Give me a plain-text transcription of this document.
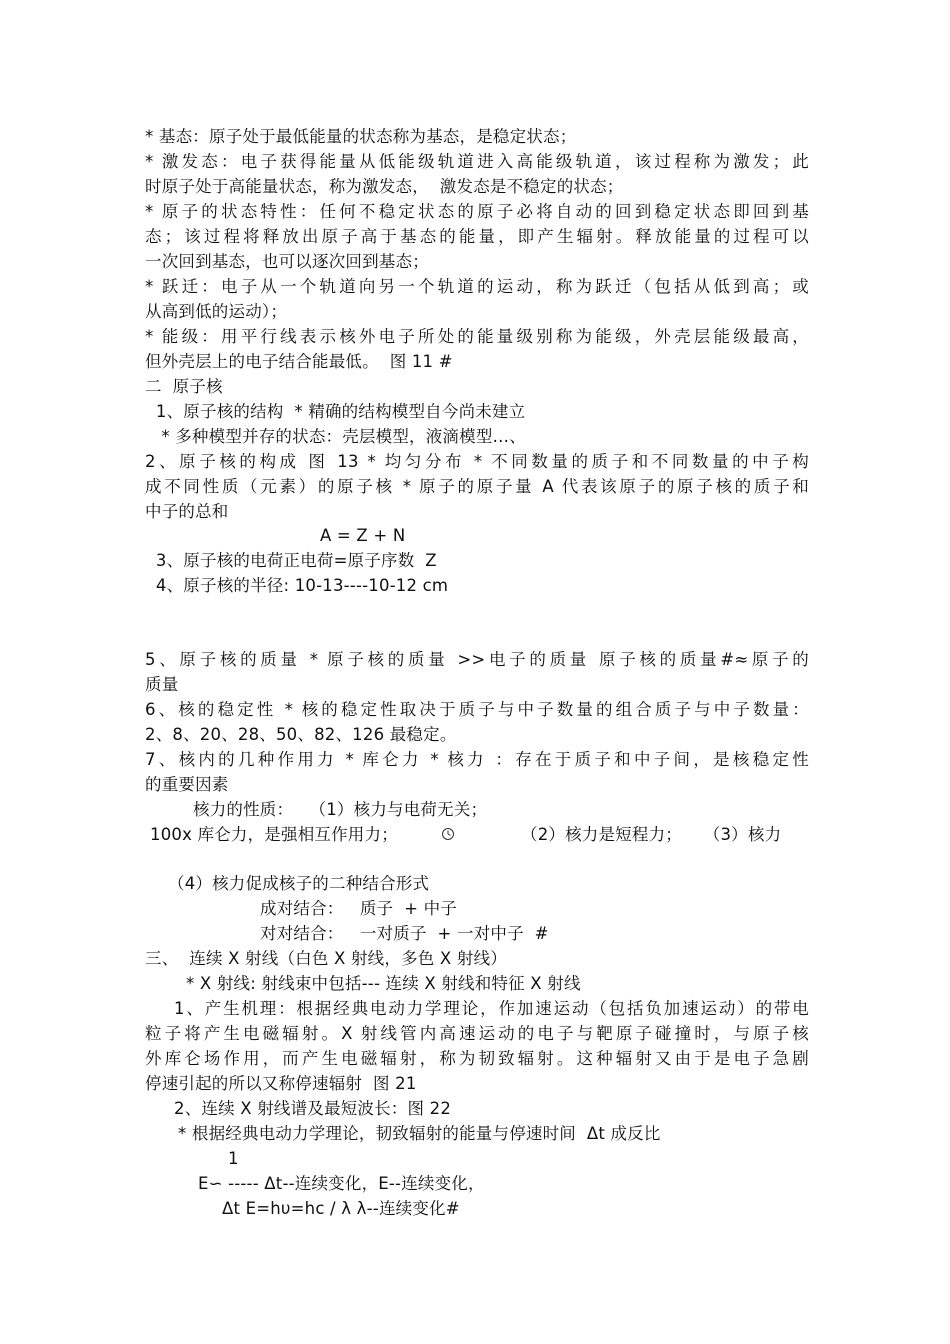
* 基态：原子处于最低能量的状态称为基态，是稳定状态；

* 激发态：电子获得能量从低能级轨道进入高能级轨道，该过程称为激发；此

时原子处于高能量状态，称为激发态，  激发态是不稳定的状态；

* 原子的状态特性：任何不稳定状态的原子必将自动的回到稳定状态即回到基

态；该过程将释放出原子高于基态的能量，即产生辐射。释放能量的过程可以

一次回到基态，也可以逐次回到基态；

* 跃迁：电子从一个轨道向另一个轨道的运动，称为跃迁（包括从低到高；或

从高到低的运动）；

* 能级：用平行线表示核外电子所处的能量级别称为能级，外壳层能级最高，

但外壳层上的电子结合能最低。  图 11 #

二  原子核

1、原子核的结构  * 精确的结构模型自今尚未建立

* 多种模型并存的状态：壳层模型，液滴模型…、

2、原子核的构成 图 13 * 均匀分布 * 不同数量的质子和不同数量的中子构

成不同性质（元素）的原子核 * 原子的原子量 A 代表该原子的原子核的质子和

中子的总和

A = Z + N

3、原子核的电荷正电荷=原子序数  Z

4、原子核的半径: 10-13----10-12 cm

5、原子核的质量 * 原子核的质量 >>电子的质量 原子核的质量#≈原子的

质量

6、核的稳定性 * 核的稳定性取决于质子与中子数量的组合质子与中子数量：

2、8、20、28、50、82、126 最稳定。

7、核内的几种作用力 * 库仑力 * 核力 ：存在于质子和中子间，是核稳定性

的重要因素

核力的性质：   （1）核力与电荷无关；

100x 库仑力，是强相互作用力；	（2）核力是短程力；    （3）核力

（4）核力促成核子的二种结合形式

成对结合：   质子  + 中子

对对结合：   一对质子  + 一对中子  #

三、  连续 X 射线（白色 X 射线，多色 X 射线）

* X 射线: 射线束中包括--- 连续 X 射线和特征 X 射线

1、产生机理：根据经典电动力学理论，作加速运动（包括负加速运动）的带电

粒子将产生电磁辐射。X 射线管内高速运动的电子与靶原子碰撞时，与原子核

外库仑场作用，而产生电磁辐射，称为韧致辐射。这种辐射又由于是电子急剧

停速引起的所以又称停速辐射  图 21

2、连续 X 射线谱及最短波长：图 22

* 根据经典电动力学理论，韧致辐射的能量与停速时间  Δt 成反比

1

E∽ ----- Δt--连续变化，E--连续变化，

Δt E=hυ=hc / λ λ--连续变化#
